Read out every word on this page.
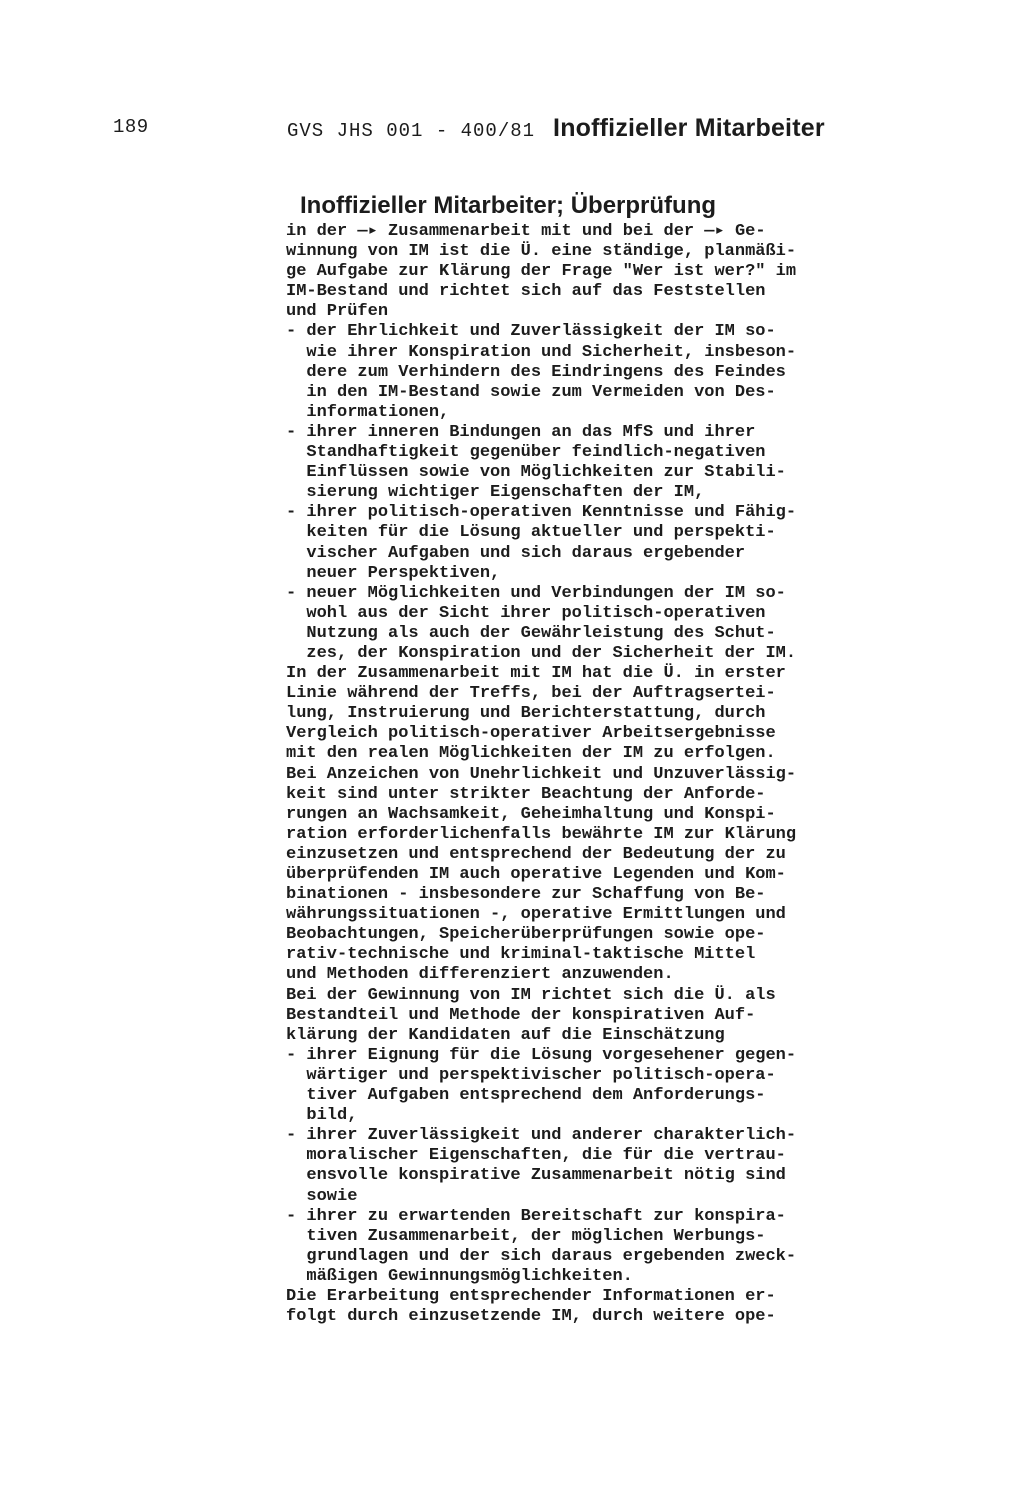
189	GVS JHS 001 - 400/81 Inoffizieller Mitarbeiter
Inoffizieller Mitarbeiter; Überprüfung
in der —▸ Zusammenarbeit mit und bei der —▸ Ge-
winnung von IM ist die Ü. eine ständige, planmäßi-
ge Aufgabe zur Klärung der Frage "Wer ist wer?" im
IM-Bestand und richtet sich auf das Feststellen
und Prüfen
- der Ehrlichkeit und Zuverlässigkeit der IM so-
wie ihrer Konspiration und Sicherheit, insbeson-
dere zum Verhindern des Eindringens des Feindes
in den IM-Bestand sowie zum Vermeiden von Des-
informationen,
- ihrer inneren Bindungen an das MfS und ihrer
Standhaftigkeit gegenüber feindlich-negativen
Einflüssen sowie von Möglichkeiten zur Stabili-
sierung wichtiger Eigenschaften der IM,
- ihrer politisch-operativen Kenntnisse und Fähig-
keiten für die Lösung aktueller und perspekti-
vischer Aufgaben und sich daraus ergebender
neuer Perspektiven,
- neuer Möglichkeiten und Verbindungen der IM so-
wohl aus der Sicht ihrer politisch-operativen
Nutzung als auch der Gewährleistung des Schut-
zes, der Konspiration und der Sicherheit der IM.
In der Zusammenarbeit mit IM hat die Ü. in erster
Linie während der Treffs, bei der Auftragsertei-
lung, Instruierung und Berichterstattung, durch
Vergleich politisch-operativer Arbeitsergebnisse
mit den realen Möglichkeiten der IM zu erfolgen.
Bei Anzeichen von Unehrlichkeit und Unzuverlässig-
keit sind unter strikter Beachtung der Anforde-
rungen an Wachsamkeit, Geheimhaltung und Konspi-
ration erforderlichenfalls bewährte IM zur Klärung
einzusetzen und entsprechend der Bedeutung der zu
überprüfenden IM auch operative Legenden und Kom-
binationen - insbesondere zur Schaffung von Be-
währungssituationen -, operative Ermittlungen und
Beobachtungen, Speicherüberprüfungen sowie ope-
rativ-technische und kriminal-taktische Mittel
und Methoden differenziert anzuwenden.
Bei der Gewinnung von IM richtet sich die Ü. als
Bestandteil und Methode der konspirativen Auf-
klärung der Kandidaten auf die Einschätzung
- ihrer Eignung für die Lösung vorgesehener gegen-
wärtiger und perspektivischer politisch-opera-
tiver Aufgaben entsprechend dem Anforderungs-
bild,
- ihrer Zuverlässigkeit und anderer charakterlich-
moralischer Eigenschaften, die für die vertrau-
ensvolle konspirative Zusammenarbeit nötig sind
sowie
- ihrer zu erwartenden Bereitschaft zur konspira-
tiven Zusammenarbeit, der möglichen Werbungs-
grundlagen und der sich daraus ergebenden zweck-
mäßigen Gewinnungsmöglichkeiten.
Die Erarbeitung entsprechender Informationen er-
folgt durch einzusetzende IM, durch weitere ope-
